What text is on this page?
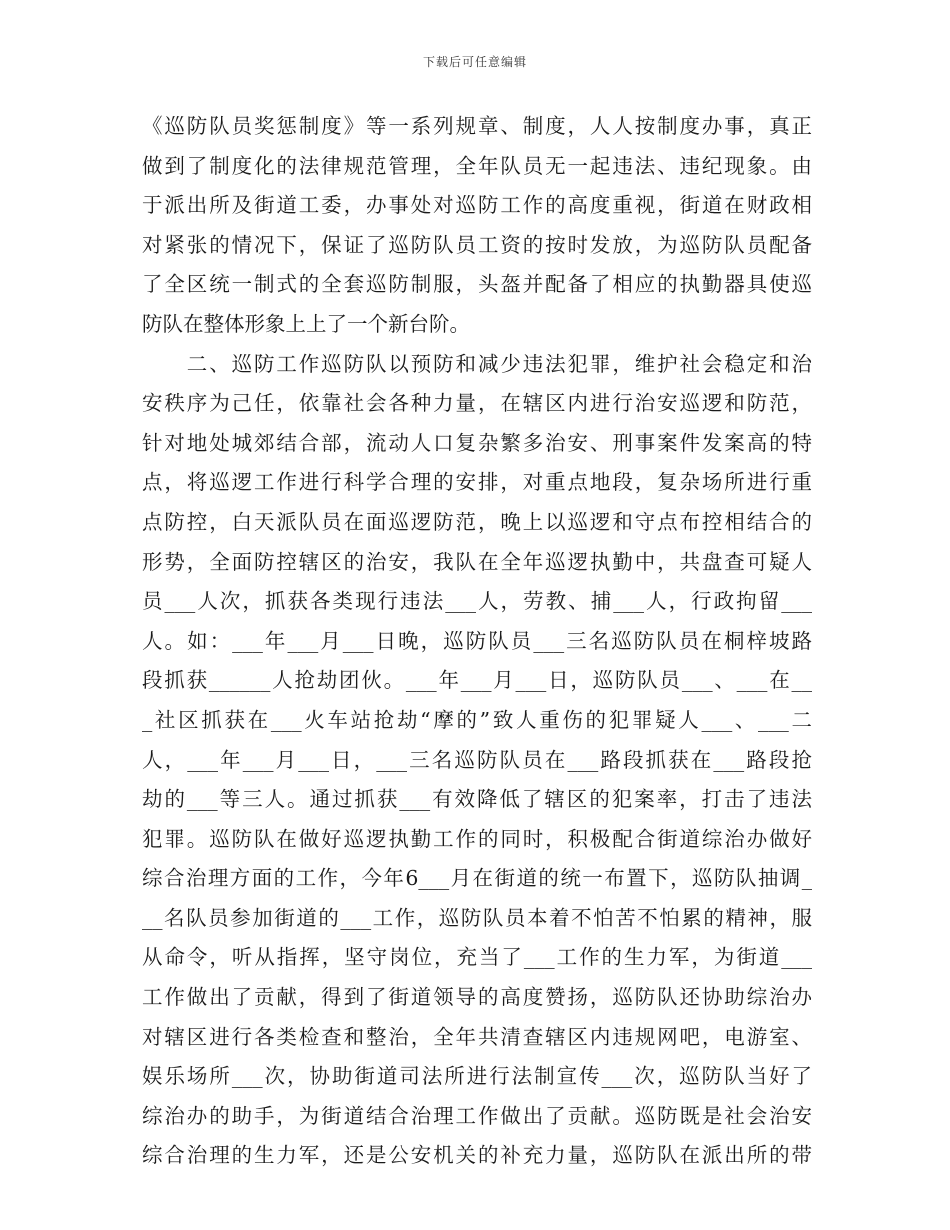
下载后可任意编辑
《巡防队员奖惩制度》等一系列规章、制度，人人按制度办事，真正
做到了制度化的法律规范管理，全年队员无一起违法、违纪现象。由
于派出所及街道工委，办事处对巡防工作的高度重视，街道在财政相
对紧张的情况下，保证了巡防队员工资的按时发放，为巡防队员配备
了全区统一制式的全套巡防制服，头盔并配备了相应的执勤器具使巡
防队在整体形象上上了一个新台阶。
　　二、巡防工作巡防队以预防和减少违法犯罪，维护社会稳定和治
安秩序为己任，依靠社会各种力量，在辖区内进行治安巡逻和防范，
针对地处城郊结合部，流动人口复杂繁多治安、刑事案件发案高的特
点，将巡逻工作进行科学合理的安排，对重点地段，复杂场所进行重
点防控，白天派队员在面巡逻防范，晚上以巡逻和守点布控相结合的
形势，全面防控辖区的治安，我队在全年巡逻执勤中，共盘查可疑人
员___人次，抓获各类现行违法___人，劳教、捕___人，行政拘留___
人。如：___年___月___日晚，巡防队员___三名巡防队员在桐梓坡路
段抓获______人抢劫团伙。___年___月___日，巡防队员___、___在__
_社区抓获在___火车站抢劫“摩的”致人重伤的犯罪疑人___、___二
人，___年___月___日，___三名巡防队员在___路段抓获在___路段抢
劫的___等三人。通过抓获___有效降低了辖区的犯案率，打击了违法
犯罪。巡防队在做好巡逻执勤工作的同时，积极配合街道综治办做好
综合治理方面的工作，今年6___月在街道的统一布置下，巡防队抽调_
__名队员参加街道的___工作，巡防队员本着不怕苦不怕累的精神，服
从命令，听从指挥，坚守岗位，充当了___工作的生力军，为街道___
工作做出了贡献，得到了街道领导的高度赞扬，巡防队还协助综治办
对辖区进行各类检查和整治，全年共清查辖区内违规网吧，电游室、
娱乐场所___次，协助街道司法所进行法制宣传___次，巡防队当好了
综治办的助手，为街道结合治理工作做出了贡献。巡防既是社会治安
综合治理的生力军，还是公安机关的补充力量，巡防队在派出所的带
